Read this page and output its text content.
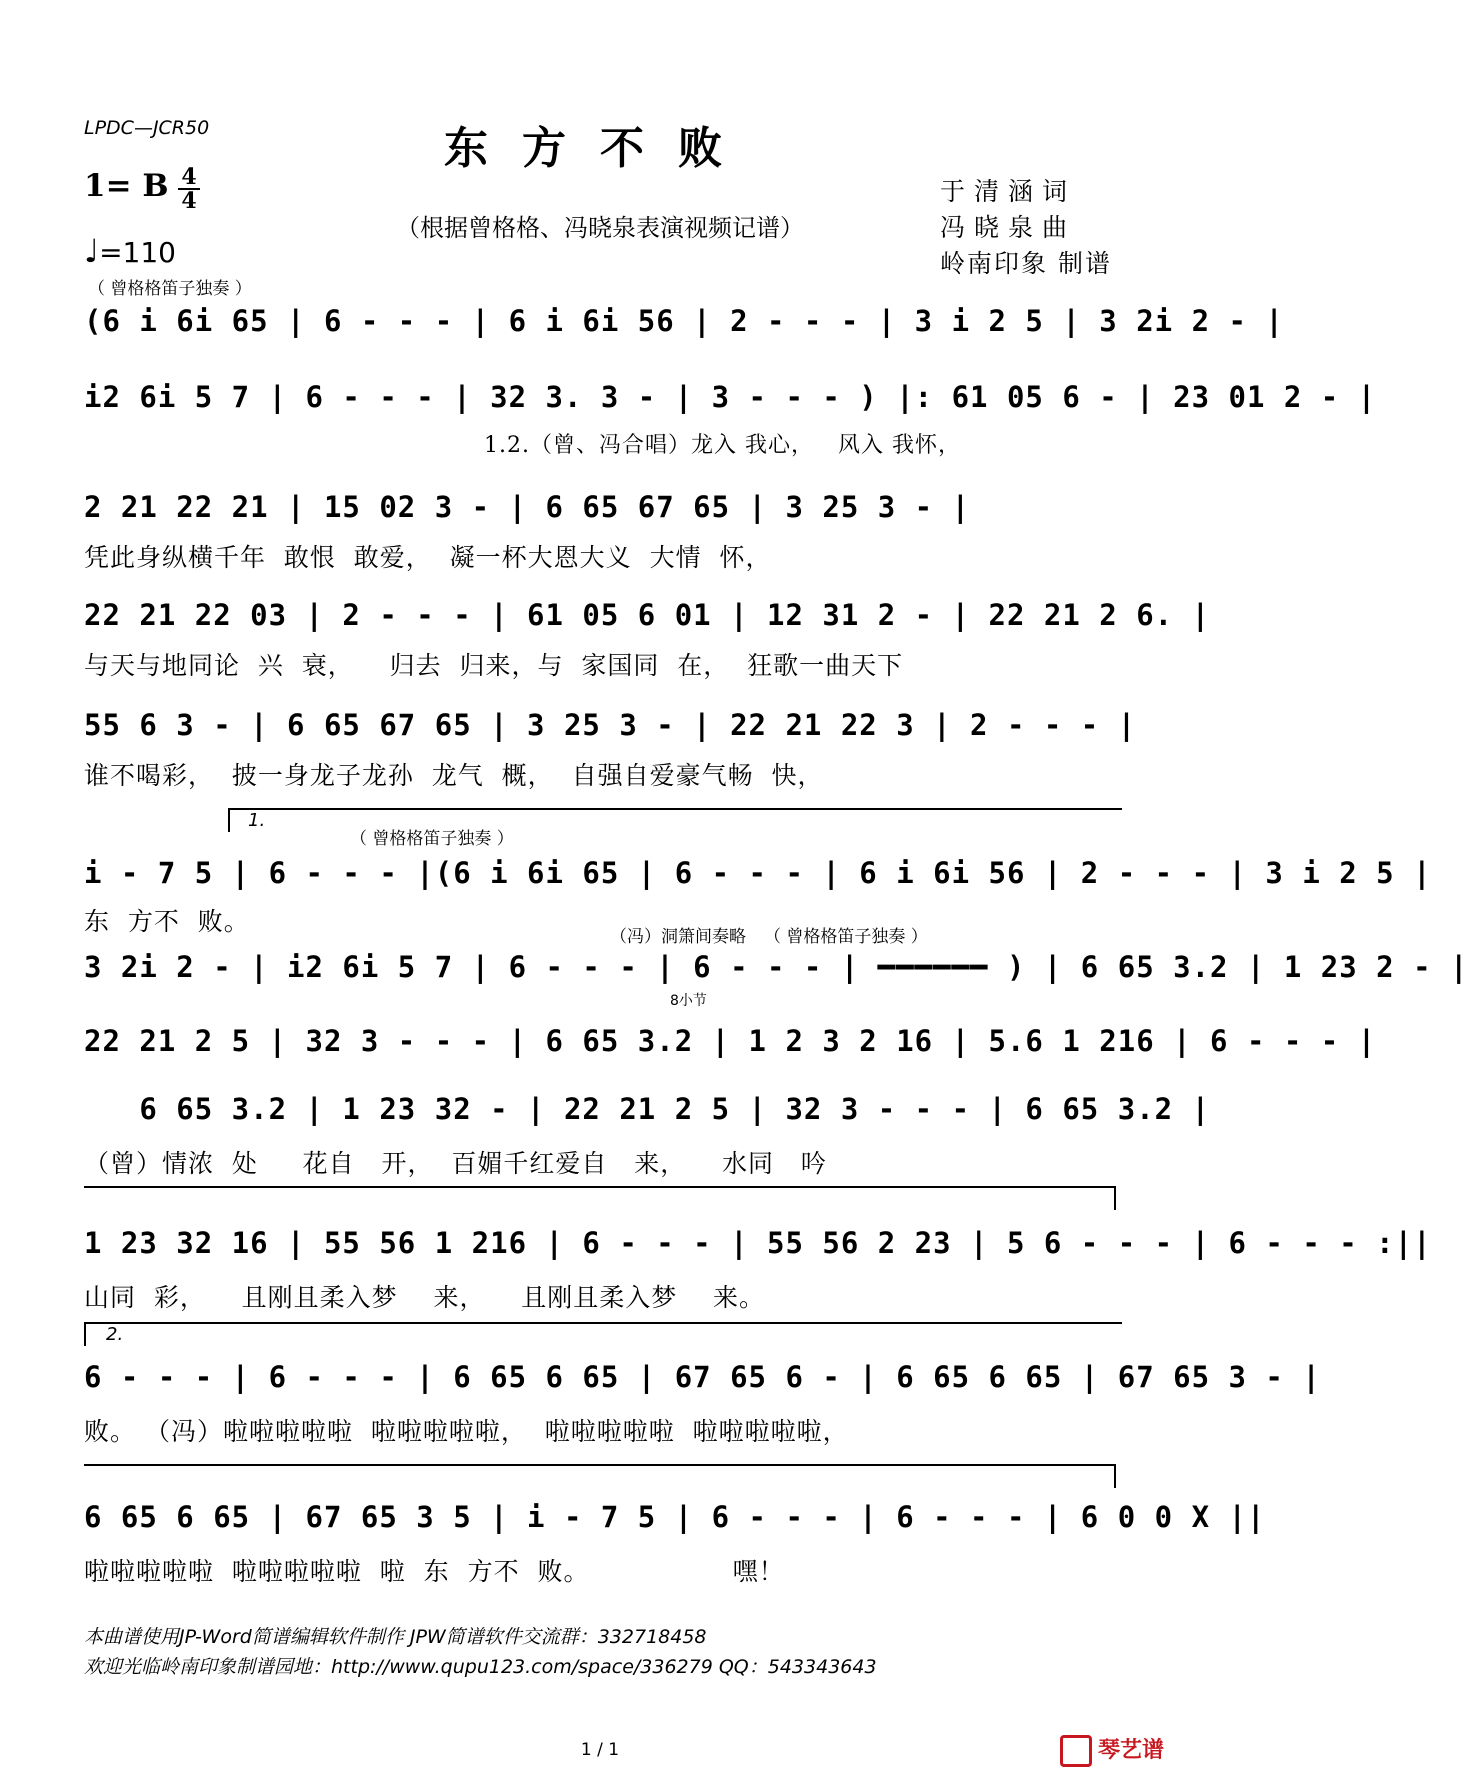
LPDC—JCR50	东方不败
1= B 4
4
♩=110
（根据曾格格、冯晓泉表演视频记谱）
于清涵词
冯晓泉曲
岭南印象 制谱
（ 曾格格笛子独奏 ）
(6 i 6i 65 | 6 - - - | 6 i 6i 56 | 2 - - - | 3 i 2 5 | 3 2i 2 - |
i2 6i 5 7 | 6 - - - | 32 3. 3 - | 3 - - - ) |: 61 05 6 - | 23 01 2 - |
1.2.（曾、冯合唱）龙入 我心，   风入 我怀，
2 21 22 21 | 15 02 3 - | 6 65 67 65 | 3 25 3 - |
凭此身纵横千年  敢恨  敢爱，  凝一杯大恩大义  大情  怀，
22 21 22 03 | 2 - - - | 61 05 6 01 | 12 31 2 - | 22 21 2 6. |
与天与地同论  兴  衰，    归去  归来，与  家国同  在，  狂歌一曲天下
55 6 3 - | 6 65 67 65 | 3 25 3 - | 22 21 22 3 | 2 - - - |
谁不喝彩，  披一身龙子龙孙  龙气  概，  自强自爱豪气畅  快，
1.
（ 曾格格笛子独奏 ）
i - 7 5 | 6 - - - |(6 i 6i 65 | 6 - - - | 6 i 6i 56 | 2 - - - | 3 i 2 5 |
东  方不  败。
（冯）洞箫间奏略 （ 曾格格笛子独奏 ）
3 2i 2 - | i2 6i 5 7 | 6 - - - | 6 - - - | ━━━━━━ ) | 6 65 3.2 | 1 23 2 - |
8小节
22 21 2 5 | 32 3 - - - | 6 65 3.2 | 1 2 3 2 16 | 5.6 1 216 | 6 - - - |
6 65 3.2 | 1 23 32 - | 22 21 2 5 | 32 3 - - - | 6 65 3.2 |
（曾）情浓  处     花自   开，  百媚千红爱自   来，    水同   吟
1 23 32 16 | 55 56 1 216 | 6 - - - | 55 56 2 23 | 5 6 - - - | 6 - - - :||
山同  彩，    且刚且柔入梦    来，    且刚且柔入梦    来。
2.
6 - - - | 6 - - - | 6 65 6 65 | 67 65 6 - | 6 65 6 65 | 67 65 3 - |
败。 （冯）啦啦啦啦啦  啦啦啦啦啦，  啦啦啦啦啦  啦啦啦啦啦，
6 65 6 65 | 67 65 3 5 | i - 7 5 | 6 - - - | 6 - - - | 6 0 0 X ||
啦啦啦啦啦  啦啦啦啦啦  啦  东  方不  败。                嘿！
本曲谱使用JP-Word简谱编辑软件制作 JPW简谱软件交流群：332718458
欢迎光临岭南印象制谱园地：http://www.qupu123.com/space/336279 QQ：543343643
1 / 1	琴艺谱
